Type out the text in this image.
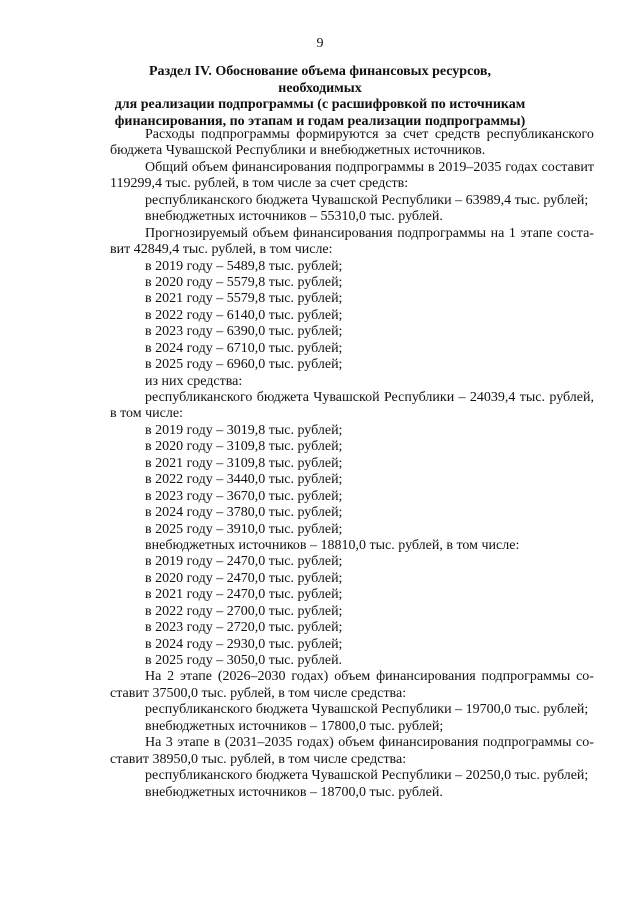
9
Раздел IV. Обоснование объема финансовых ресурсов, необходимых
для реализации подпрограммы (с расшифровкой по источникам
финансирования, по этапам и годам реализации подпрограммы)
Расходы подпрограммы формируются за счет средств республиканского
бюджета Чувашской Республики и внебюджетных источников.
Общий объем финансирования подпрограммы в 2019–2035 годах составит
119299,4 тыс. рублей, в том числе за счет средств:
республиканского бюджета Чувашской Республики – 63989,4 тыс. рублей;
внебюджетных источников – 55310,0 тыс. рублей.
Прогнозируемый объем финансирования подпрограммы на 1 этапе соста-
вит 42849,4 тыс. рублей, в том числе:
в 2019 году – 5489,8 тыс. рублей;
в 2020 году – 5579,8 тыс. рублей;
в 2021 году – 5579,8 тыс. рублей;
в 2022 году – 6140,0 тыс. рублей;
в 2023 году – 6390,0 тыс. рублей;
в 2024 году – 6710,0 тыс. рублей;
в 2025 году – 6960,0 тыс. рублей;
из них средства:
республиканского бюджета Чувашской Республики – 24039,4 тыс. рублей,
в том числе:
в 2019 году – 3019,8 тыс. рублей;
в 2020 году – 3109,8 тыс. рублей;
в 2021 году – 3109,8 тыс. рублей;
в 2022 году – 3440,0 тыс. рублей;
в 2023 году – 3670,0 тыс. рублей;
в 2024 году – 3780,0 тыс. рублей;
в 2025 году – 3910,0 тыс. рублей;
внебюджетных источников – 18810,0 тыс. рублей, в том числе:
в 2019 году – 2470,0 тыс. рублей;
в 2020 году – 2470,0 тыс. рублей;
в 2021 году – 2470,0 тыс. рублей;
в 2022 году – 2700,0 тыс. рублей;
в 2023 году – 2720,0 тыс. рублей;
в 2024 году – 2930,0 тыс. рублей;
в 2025 году – 3050,0 тыс. рублей.
На 2 этапе (2026–2030 годах) объем финансирования подпрограммы со-
ставит 37500,0 тыс. рублей, в том числе средства:
республиканского бюджета Чувашской Республики – 19700,0 тыс. рублей;
внебюджетных источников – 17800,0 тыс. рублей;
На 3 этапе в (2031–2035 годах) объем финансирования подпрограммы со-
ставит 38950,0 тыс. рублей, в том числе средства:
республиканского бюджета Чувашской Республики – 20250,0 тыс. рублей;
внебюджетных источников – 18700,0 тыс. рублей.
